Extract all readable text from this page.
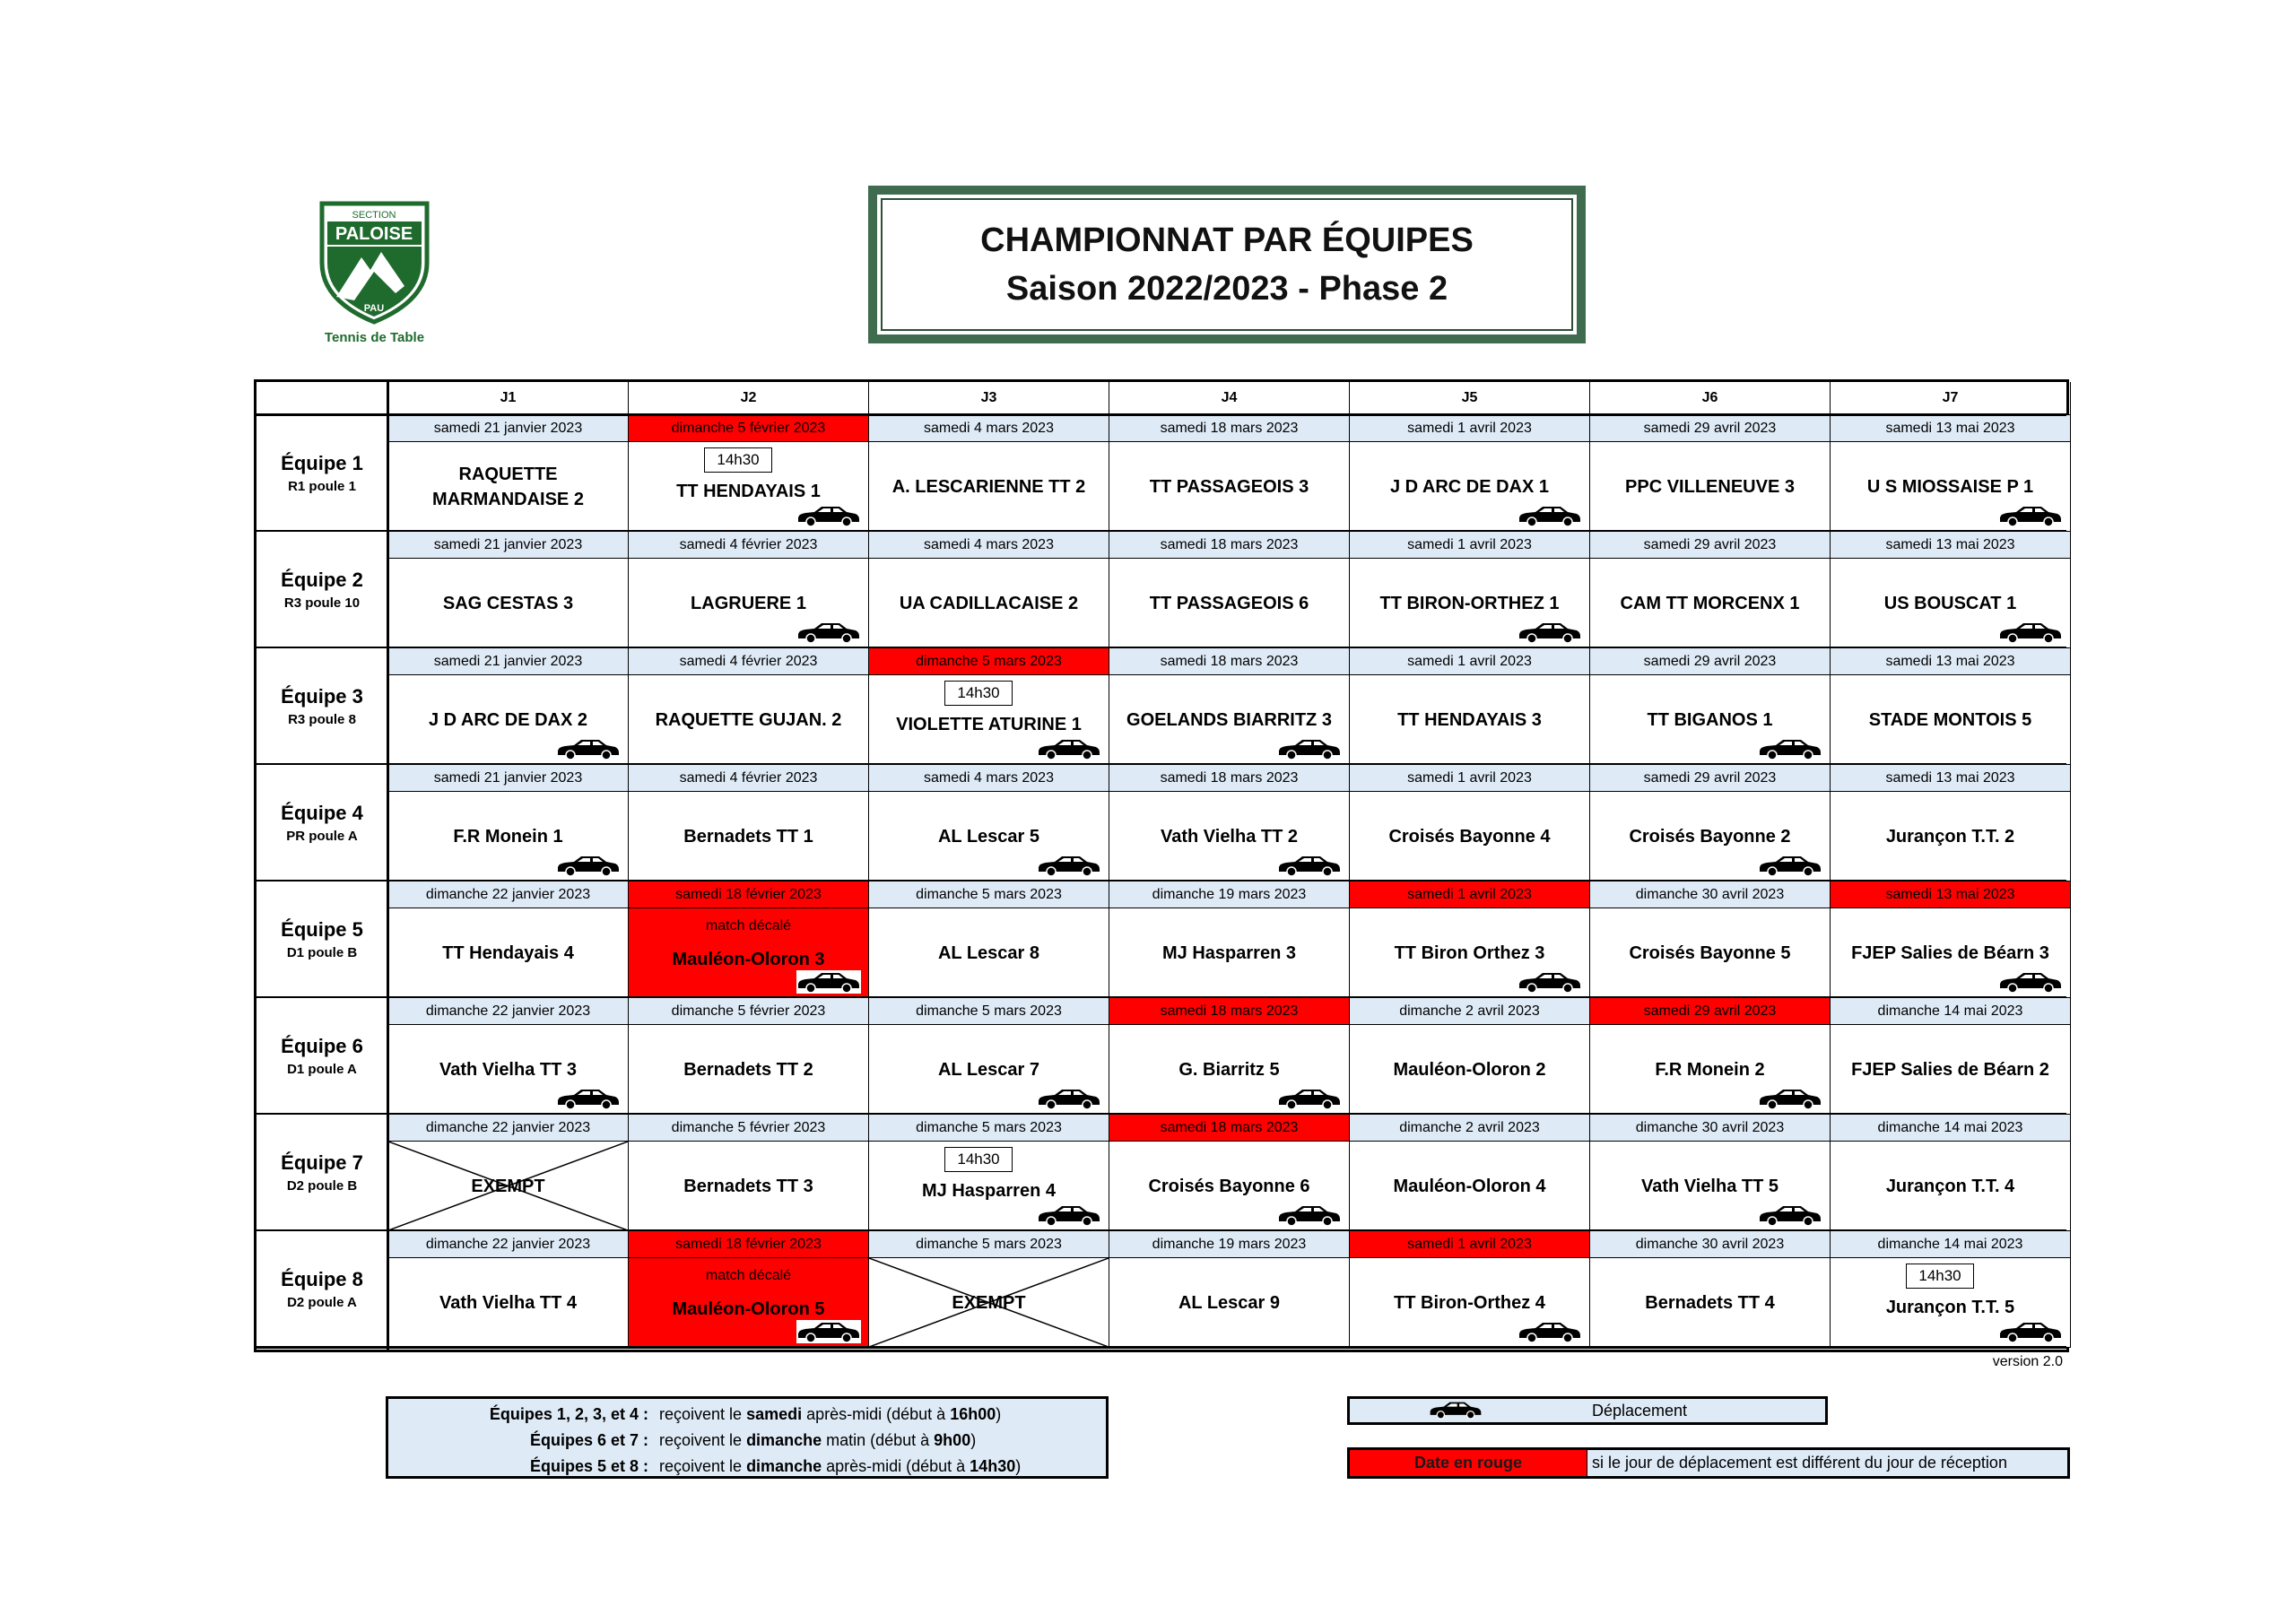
SECTION
PALOISE
PAU
Tennis de Table
CHAMPIONNAT PAR ÉQUIPES
Saison 2022/2023 - Phase 2
J1	J2	J3	J4	J5	J6	J7
Équipe 1
R1 poule 1
samedi 21 janvier 2023
RAQUETTE MARMANDAISE 2
dimanche 5 février 2023
14h30
TT HENDAYAIS 1
samedi 4 mars 2023
A. LESCARIENNE TT 2
samedi 18 mars 2023
TT PASSAGEOIS 3
samedi 1 avril 2023
J D ARC DE DAX 1
samedi 29 avril 2023
PPC VILLENEUVE 3
samedi 13 mai 2023
U S MIOSSAISE P 1
Équipe 2
R3 poule 10
samedi 21 janvier 2023
SAG CESTAS 3
samedi 4 février 2023
LAGRUERE 1
samedi 4 mars 2023
UA CADILLACAISE 2
samedi 18 mars 2023
TT PASSAGEOIS 6
samedi 1 avril 2023
TT BIRON-ORTHEZ 1
samedi 29 avril 2023
CAM TT MORCENX 1
samedi 13 mai 2023
US BOUSCAT 1
Équipe 3
R3 poule 8
samedi 21 janvier 2023
J D ARC DE DAX 2
samedi 4 février 2023
RAQUETTE GUJAN. 2
dimanche 5 mars 2023
14h30
VIOLETTE ATURINE 1
samedi 18 mars 2023
GOELANDS BIARRITZ 3
samedi 1 avril 2023
TT HENDAYAIS 3
samedi 29 avril 2023
TT BIGANOS 1
samedi 13 mai 2023
STADE MONTOIS 5
Équipe 4
PR poule A
samedi 21 janvier 2023
F.R Monein 1
samedi 4 février 2023
Bernadets TT 1
samedi 4 mars 2023
AL Lescar 5
samedi 18 mars 2023
Vath Vielha TT 2
samedi 1 avril 2023
Croisés Bayonne 4
samedi 29 avril 2023
Croisés Bayonne 2
samedi 13 mai 2023
Jurançon T.T. 2
Équipe 5
D1 poule B
dimanche 22 janvier 2023
TT Hendayais 4
samedi 18 février 2023
match décalé
Mauléon-Oloron 3
dimanche 5 mars 2023
AL Lescar 8
dimanche 19 mars 2023
MJ Hasparren 3
samedi 1 avril 2023
TT Biron Orthez 3
dimanche 30 avril 2023
Croisés Bayonne 5
samedi 13 mai 2023
FJEP Salies de Béarn 3
Équipe 6
D1 poule A
dimanche 22 janvier 2023
Vath Vielha TT 3
dimanche 5 février 2023
Bernadets TT 2
dimanche 5 mars 2023
AL Lescar 7
samedi 18 mars 2023
G. Biarritz 5
dimanche 2 avril 2023
Mauléon-Oloron 2
samedi 29 avril 2023
F.R Monein 2
dimanche 14 mai 2023
FJEP Salies de Béarn 2
Équipe 7
D2 poule B
dimanche 22 janvier 2023
EXEMPT
dimanche 5 février 2023
Bernadets TT 3
dimanche 5 mars 2023
14h30
MJ Hasparren 4
samedi 18 mars 2023
Croisés Bayonne 6
dimanche 2 avril 2023
Mauléon-Oloron 4
dimanche 30 avril 2023
Vath Vielha TT 5
dimanche 14 mai 2023
Jurançon T.T. 4
Équipe 8
D2 poule A
dimanche 22 janvier 2023
Vath Vielha TT 4
samedi 18 février 2023
match décalé
Mauléon-Oloron 5
dimanche 5 mars 2023
EXEMPT
dimanche 19 mars 2023
AL Lescar 9
samedi 1 avril 2023
TT Biron-Orthez 4
dimanche 30 avril 2023
Bernadets TT 4
dimanche 14 mai 2023
14h30
Jurançon T.T. 5
version 2.0
Équipes 1, 2, 3, et 4 : reçoivent le samedi après-midi (début à 16h00)
Équipes 6 et 7 : reçoivent le dimanche matin (début à 9h00)
Équipes 5 et 8 : reçoivent le dimanche après-midi (début à 14h30)
Déplacement
Date en rouge	si le jour de déplacement est différent du jour de réception
